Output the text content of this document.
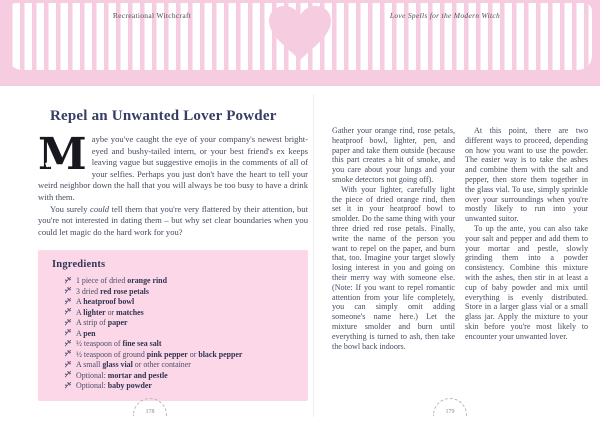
Recreational Witchcraft	Love Spells for the Modern Witch
Repel an Unwanted Lover Powder

✿ M ❀ aybe you've caught the eye of your company's newest bright-eyed and bushy-tailed intern, or your best friend's ex keeps leaving vague but suggestive emojis in the comments of all of your selfies. Perhaps you just don't have the heart to tell your weird neighbor down the hall that you will always be too busy to have a drink with them.

You surely could tell them that you're very flattered by their attention, but you're not interested in dating them – but why set clear boundaries when you could let magic do the hard work for you?

Ingredients
1 piece of dried orange rind
3 dried red rose petals
A heatproof bowl
A lighter or matches
A strip of paper
A pen
½ teaspoon of fine sea salt
½ teaspoon of ground pink pepper or black pepper
A small glass vial or other container
Optional: mortar and pestle
Optional: baby powder

Gather your orange rind, rose petals, heatproof bowl, lighter, pen, and paper and take them outside (because this part creates a bit of smoke, and you care about your lungs and your smoke detectors not going off).

With your lighter, carefully light the piece of dried orange rind, then set it in your heatproof bowl to smolder. Do the same thing with your three dried red rose petals. Finally, write the name of the person you want to repel on the paper, and burn that, too. Imagine your target slowly losing interest in you and going on their merry way with someone else. (Note: If you want to repel romantic attention from your life completely, you can simply omit adding someone's name here.) Let the mixture smolder and burn until everything is turned to ash, then take the bowl back indoors.

At this point, there are two different ways to proceed, depending on how you want to use the powder. The easier way is to take the ashes and combine them with the salt and pepper, then store them together in the glass vial. To use, simply sprinkle over your surroundings when you're mostly likely to run into your unwanted suitor.

To up the ante, you can also take your salt and pepper and add them to your mortar and pestle, slowly grinding them into a powder consistency. Combine this mixture with the ashes, then stir in at least a cup of baby powder and mix until everything is evenly distributed. Store in a larger glass vial or a small glass jar. Apply the mixture to your skin before you're most likely to encounter your unwanted lover.

178	179
